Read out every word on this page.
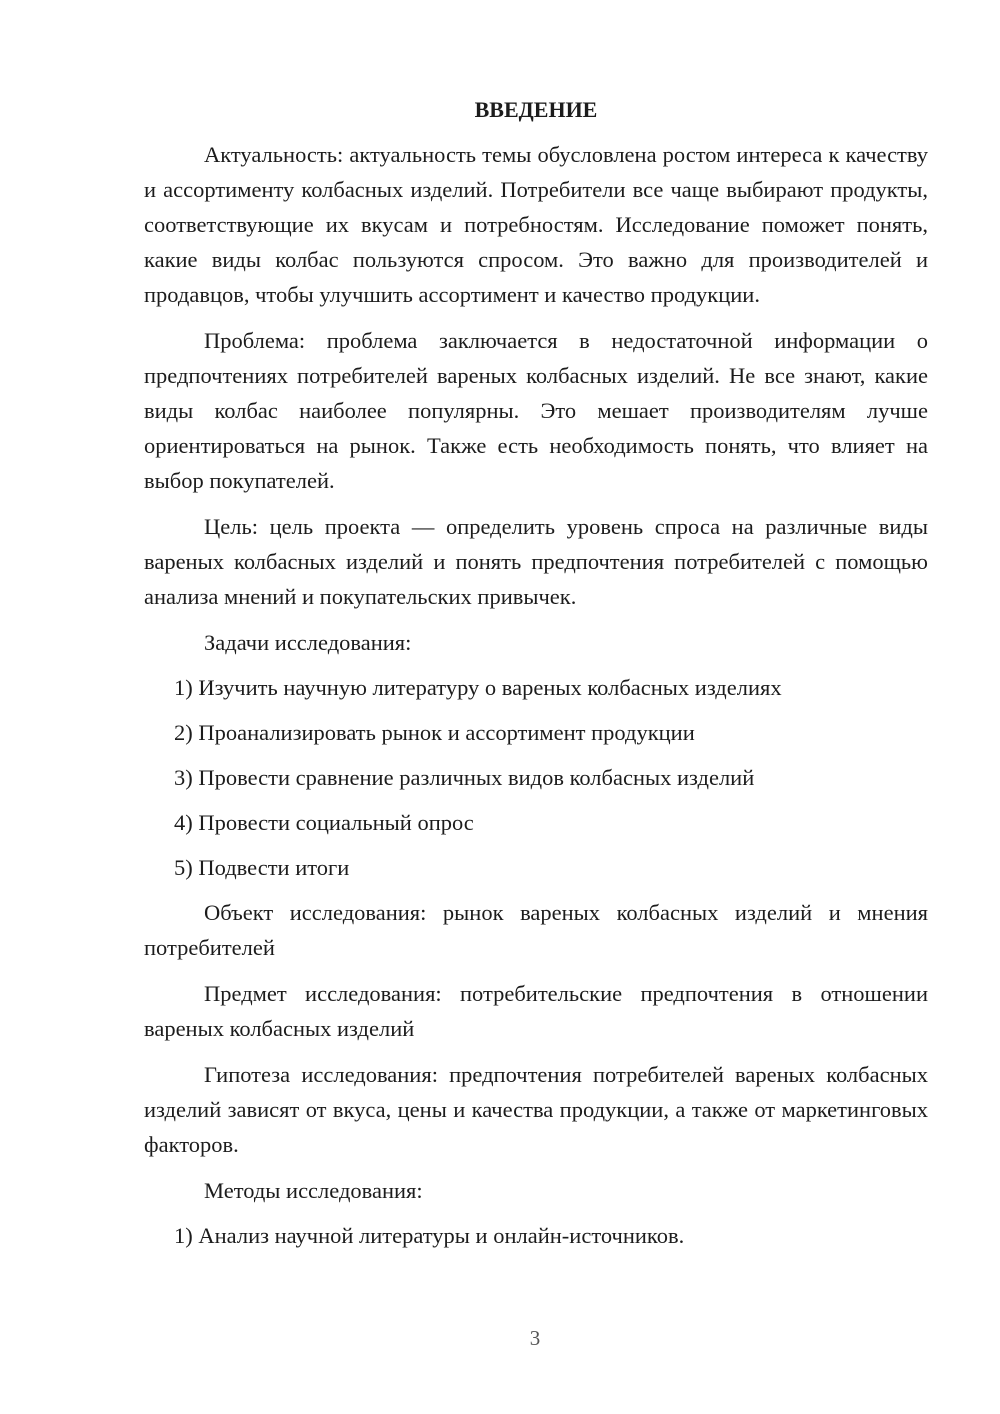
ВВЕДЕНИЕ

Актуальность: актуальность темы обусловлена ростом интереса к качеству и ассортименту колбасных изделий. Потребители все чаще выбирают продукты, соответствующие их вкусам и потребностям. Исследование поможет понять, какие виды колбас пользуются спросом. Это важно для производителей и продавцов, чтобы улучшить ассортимент и качество продукции.

Проблема: проблема заключается в недостаточной информации о предпочтениях потребителей вареных колбасных изделий. Не все знают, какие виды колбас наиболее популярны. Это мешает производителям лучше ориентироваться на рынок. Также есть необходимость понять, что влияет на выбор покупателей.

Цель: цель проекта — определить уровень спроса на различные виды вареных колбасных изделий и понять предпочтения потребителей с помощью анализа мнений и покупательских привычек.

Задачи исследования:

1) Изучить научную литературу о вареных колбасных изделиях

2) Проанализировать рынок и ассортимент продукции

3) Провести сравнение различных видов колбасных изделий

4) Провести социальный опрос

5) Подвести итоги

Объект исследования: рынок вареных колбасных изделий и мнения потребителей

Предмет исследования: потребительские предпочтения в отношении вареных колбасных изделий

Гипотеза исследования: предпочтения потребителей вареных колбасных изделий зависят от вкуса, цены и качества продукции, а также от маркетинговых факторов.

Методы исследования:

1) Анализ научной литературы и онлайн-источников.

3
